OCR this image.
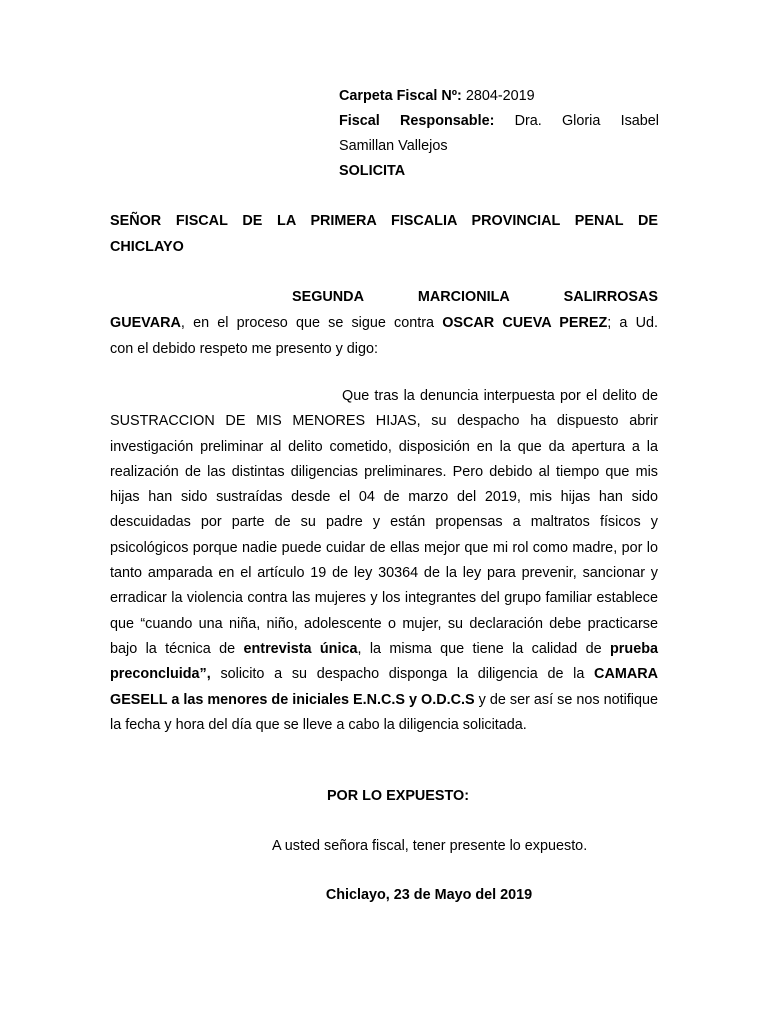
Carpeta Fiscal Nº: 2804-2019
Fiscal Responsable: Dra. Gloria Isabel
Samillan Vallejos
SOLICITA
SEÑOR FISCAL DE LA PRIMERA FISCALIA PROVINCIAL PENAL DE
CHICLAYO
SEGUNDA MARCIONILA SALIRROSAS
GUEVARA, en el proceso que se sigue contra OSCAR CUEVA PEREZ; a Ud.
con el debido respeto me presento y digo:
Que tras la denuncia interpuesta por el delito de SUSTRACCION DE MIS MENORES HIJAS, su despacho ha dispuesto abrir investigación preliminar al delito cometido, disposición en la que da apertura a la realización de las distintas diligencias preliminares. Pero debido al tiempo que mis hijas han sido sustraídas desde el 04 de marzo del 2019, mis hijas han sido descuidadas por parte de su padre y están propensas a maltratos físicos y psicológicos porque nadie puede cuidar de ellas mejor que mi rol como madre, por lo tanto amparada en el artículo 19 de ley 30364 de la ley para prevenir, sancionar y erradicar la violencia contra las mujeres y los integrantes del grupo familiar establece que “cuando una niña, niño, adolescente o mujer, su declaración debe practicarse bajo la técnica de entrevista única, la misma que tiene la calidad de prueba preconcluida”, solicito a su despacho disponga la diligencia de la CAMARA GESELL a las menores de iniciales E.N.C.S y O.D.C.S y de ser así se nos notifique la fecha y hora del día que se lleve a cabo la diligencia solicitada.
POR LO EXPUESTO:
A usted señora fiscal, tener presente lo expuesto.
Chiclayo, 23 de Mayo del 2019
